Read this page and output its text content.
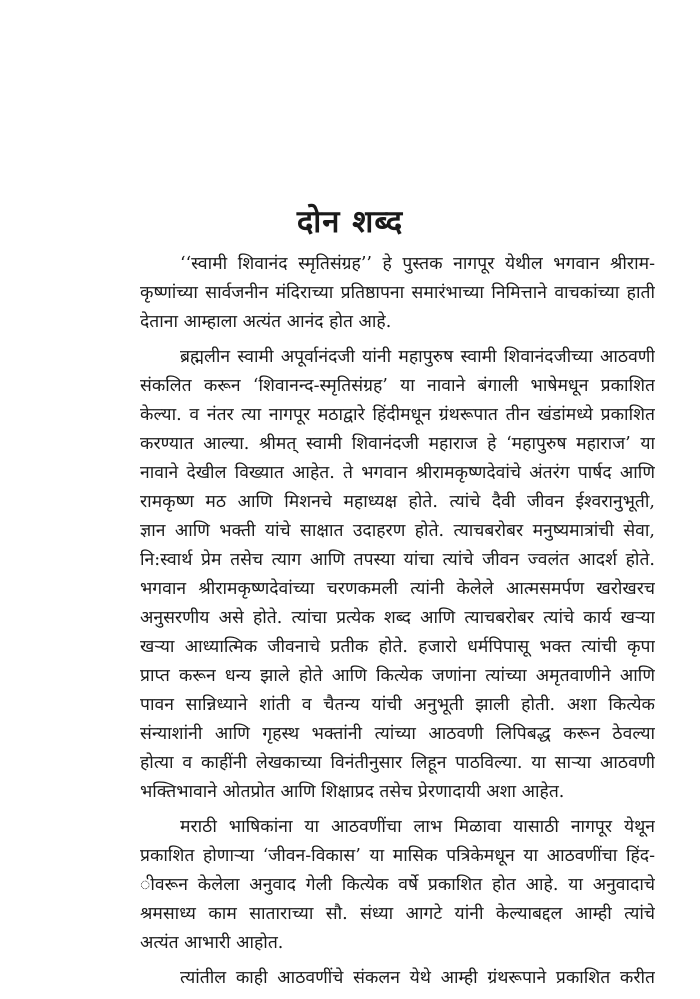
दोन शब्द

‘‘स्वामी शिवानंद स्मृतिसंग्रह’’ हे पुस्तक नागपूर येथील भगवान श्रीराम-
कृष्णांच्या सार्वजनीन मंदिराच्या प्रतिष्ठापना समारंभाच्या निमित्ताने वाचकांच्या हाती
देताना आम्हाला अत्यंत आनंद होत आहे.

ब्रह्मलीन स्वामी अपूर्वानंदजी यांनी महापुरुष स्वामी शिवानंदजीच्या आठवणी
संकलित करून ‘शिवानन्द-स्मृतिसंग्रह’ या नावाने बंगाली भाषेमधून प्रकाशित
केल्या. व नंतर त्या नागपूर मठाद्वारे हिंदीमधून ग्रंथरूपात तीन खंडांमध्ये प्रकाशित
करण्यात आल्या. श्रीमत् स्वामी शिवानंदजी महाराज हे ‘महापुरुष महाराज’ या
नावाने देखील विख्यात आहेत. ते भगवान श्रीरामकृष्णदेवांचे अंतरंग पार्षद आणि
रामकृष्ण मठ आणि मिशनचे महाध्यक्ष होते. त्यांचे दैवी जीवन ईश्वरानुभूती,
ज्ञान आणि भक्ती यांचे साक्षात उदाहरण होते. त्याचबरोबर मनुष्यमात्रांची सेवा,
नि:स्वार्थ प्रेम तसेच त्याग आणि तपस्या यांचा त्यांचे जीवन ज्वलंत आदर्श होते.
भगवान श्रीरामकृष्णदेवांच्या चरणकमली त्यांनी केलेले आत्मसमर्पण खरोखरच
अनुसरणीय असे होते. त्यांचा प्रत्येक शब्द आणि त्याचबरोबर त्यांचे कार्य खऱ्या
खऱ्या आध्यात्मिक जीवनाचे प्रतीक होते. हजारो धर्मपिपासू भक्त त्यांची कृपा
प्राप्त करून धन्य झाले होते आणि कित्येक जणांना त्यांच्या अमृतवाणीने आणि
पावन सान्निध्याने शांती व चैतन्य यांची अनुभूती झाली होती. अशा कित्येक
संन्याशांनी आणि गृहस्थ भक्तांनी त्यांच्या आठवणी लिपिबद्ध करून ठेवल्या
होत्या व काहींनी लेखकाच्या विनंतीनुसार लिहून पाठविल्या. या साऱ्या आठवणी
भक्तिभावाने ओतप्रोत आणि शिक्षाप्रद तसेच प्रेरणादायी अशा आहेत.

मराठी भाषिकांना या आठवणींचा लाभ मिळावा यासाठी नागपूर येथून
प्रकाशित होणाऱ्या ‘जीवन-विकास’ या मासिक पत्रिकेमधून या आठवणींचा हिंद-
ीवरून केलेला अनुवाद गेली कित्येक वर्षे प्रकाशित होत आहे. या अनुवादाचे
श्रमसाध्य काम साताराच्या सौ. संध्या आगटे यांनी केल्याबद्दल आम्ही त्यांचे
अत्यंत आभारी आहोत.

त्यांतील काही आठवणींचे संकलन येथे आम्ही ग्रंथरूपाने प्रकाशित करीत
